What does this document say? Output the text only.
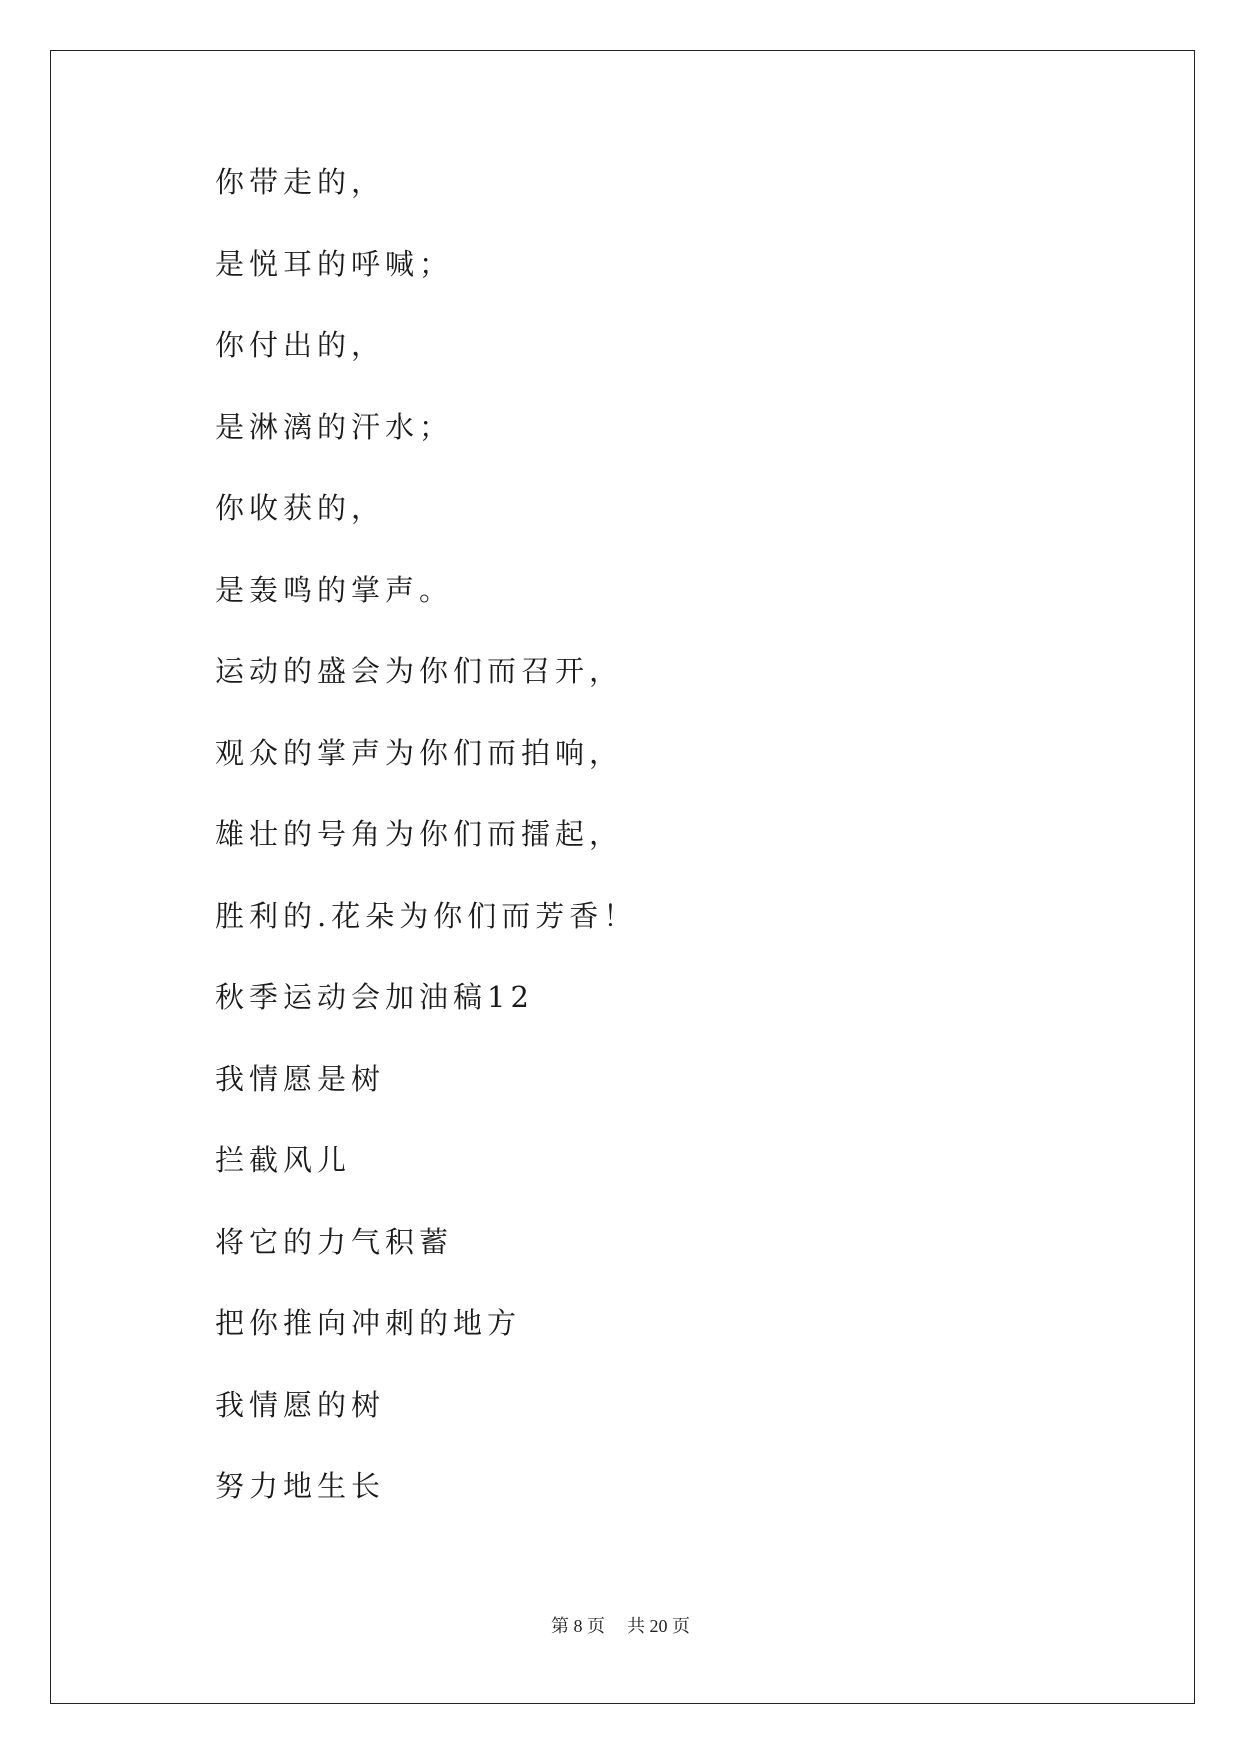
你带走的，
是悦耳的呼喊；
你付出的，
是淋漓的汗水；
你收获的，
是轰鸣的掌声。
运动的盛会为你们而召开，
观众的掌声为你们而拍响，
雄壮的号角为你们而擂起，
胜利的.花朵为你们而芳香！
秋季运动会加油稿12
我情愿是树
拦截风儿
将它的力气积蓄
把你推向冲刺的地方
我情愿的树
努力地生长
第 8 页 共 20 页
